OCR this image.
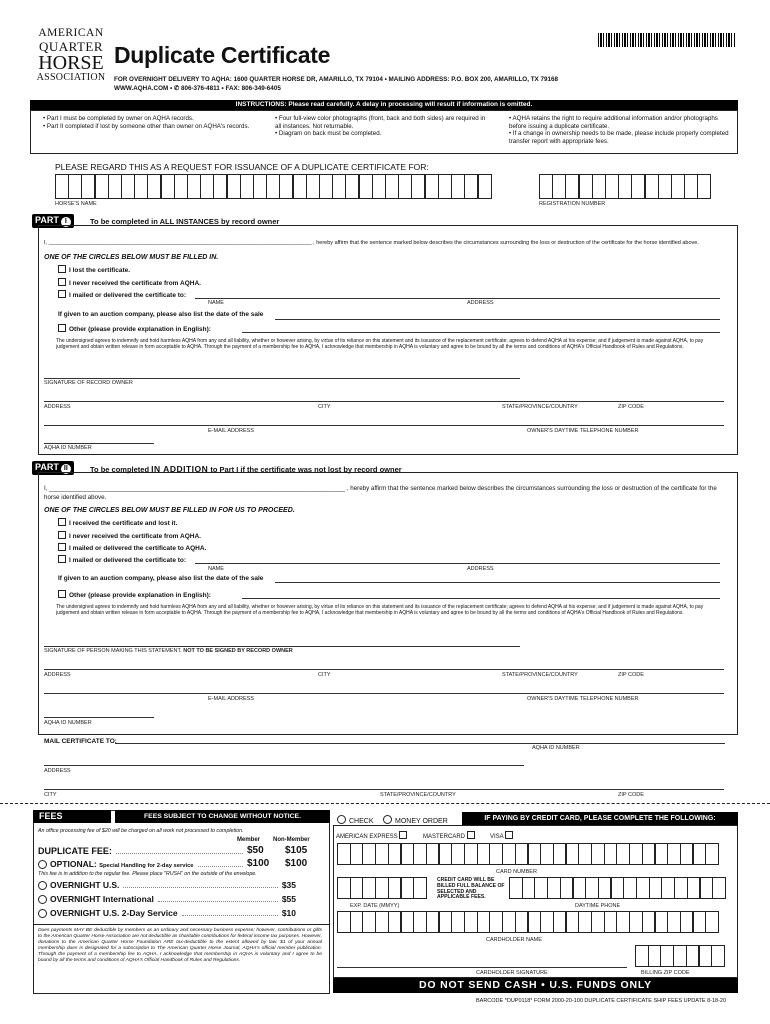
AMERICAN
QUARTER
HORSE
ASSOCIATION
Duplicate Certificate
FOR OVERNIGHT DELIVERY TO AQHA: 1600 QUARTER HORSE DR, AMARILLO, TX 79104 • MAILING ADDRESS: P.O. BOX 200, AMARILLO, TX 79168
WWW.AQHA.COM • ✆ 806-376-4811 • FAX: 806-349-6405
INSTRUCTIONS: Please read carefully. A delay in processing will result if information is omitted.
• Part I must be completed by owner on AQHA records.
• Part II completed if lost by someone other than owner on AQHA's records.
• Four full-view color photographs (front, back and both sides) are required in all instances. Not returnable.
• Diagram on back must be completed.
• AQHA retains the right to require additional information and/or photographs before issuing a duplicate certificate.
• If a change in ownership needs to be made, please include properly completed transfer report with appropriate fees.
PLEASE REGARD THIS AS A REQUEST FOR ISSUANCE OF A DUPLICATE CERTIFICATE FOR:
HORSE'S NAME	REGISTRATION NUMBER
PART I	To be completed in ALL INSTANCES by record owner
I, ______________________________________________________________________________________ , hereby affirm that the sentence marked below describes the circumstances surrounding the loss or destruction of the certificate for the horse identified above.
ONE OF THE CIRCLES BELOW MUST BE FILLED IN.
I lost the certificate.
I never received the certificate from AQHA.
I mailed or delivered the certificate to:
NAME	ADDRESS
If given to an auction company, please also list the date of the sale
Other (please provide explanation in English):
The undersigned agrees to indemnify and hold harmless AQHA from any and all liability, whether or however arising, by virtue of its reliance on this statement and its issuance of the replacement certificate; agrees to defend AQHA at his expense; and if judgement is made against AQHA, to pay judgement and obtain written release in form acceptable to AQHA. Through the payment of a membership fee to AQHA, I acknowledge that membership in AQHA is voluntary and agree to be bound by all the terms and conditions of AQHA's Official Handbook of Rules and Regulations.
SIGNATURE OF RECORD OWNER
ADDRESS	CITY	STATE/PROVINCE/COUNTRY	ZIP CODE
E-MAIL ADDRESS	OWNER'S DAYTIME TELEPHONE NUMBER
AQHA ID NUMBER
PART II	To be completed IN ADDITION to Part I if the certificate was not lost by record owner
I, ______________________________________________________________________________________ , hereby affirm that the sentence marked below describes the circumstances surrounding the loss or destruction of the certificate for the horse identified above.
ONE OF THE CIRCLES BELOW MUST BE FILLED IN FOR US TO PROCEED.
I received the certificate and lost it.
I never received the certificate from AQHA.
I mailed or delivered the certificate to AQHA.
I mailed or delivered the certificate to:
NAME	ADDRESS
If given to an auction company, please also list the date of the sale
Other (please provide explanation in English):
The undersigned agrees to indemnify and hold harmless AQHA from any and all liability, whether or however arising, by virtue of its reliance on this statement and its issuance of the replacement certificate; agrees to defend AQHA at his expense; and if judgement is made against AQHA, to pay judgement and obtain written release in form acceptable to AQHA. Through the payment of a membership fee to AQHA, I acknowledge that membership in AQHA is voluntary and agree to be bound by all the terms and conditions of AQHA's Official Handbook of Rules and Regulations.
SIGNATURE OF PERSON MAKING THIS STATEMENT. NOT TO BE SIGNED BY RECORD OWNER
ADDRESS	CITY	STATE/PROVINCE/COUNTRY	ZIP CODE
E-MAIL ADDRESS	OWNER'S DAYTIME TELEPHONE NUMBER
AQHA ID NUMBER
MAIL CERTIFICATE TO:
AQHA ID NUMBER
ADDRESS
CITY	STATE/PROVINCE/COUNTRY	ZIP CODE
FEES	FEES SUBJECT TO CHANGE WITHOUT NOTICE.
An office processing fee of $20 will be charged on all work not processed to completion.
Member Non-Member
DUPLICATE FEE:	$50	$105
OPTIONAL:
Special Handling for 2-day service	$100	$100
This fee is in addition to the regular fee. Please place "RUSH" on the outside of the envelope.
OVERNIGHT U.S.	$35
OVERNIGHT International	$55
OVERNIGHT U.S. 2-Day Service	$10
Dues payments MAY BE deductible by members as an ordinary and necessary business expense; however, contributions or gifts to the American Quarter Horse Association are not deductible as charitable contributions for federal income tax purposes. However, donations to the American Quarter Horse Foundation ARE tax-deductible to the extent allowed by law. $1 of your annual membership dues is designated for a subscription to The American Quarter Horse Journal, AQHA's official member publication. Through the payment of a membership fee to AQHA, I acknowledge that membership in AQHA is voluntary and I agree to be bound by all the terms and conditions of AQHA's Official Handbook of Rules and Regulations.
CHECK	MONEY ORDER	IF PAYING BY CREDIT CARD, PLEASE COMPLETE THE FOLLOWING:
AMERICAN EXPRESS	MASTERCARD	VISA
CARD NUMBER
CREDIT CARD WILL BE BILLED FULL BALANCE OF SELECTED AND APPLICABLE FEES.
EXP. DATE (MMYY)	DAYTIME PHONE
CARDHOLDER NAME
CARDHOLDER SIGNATURE	BILLING ZIP CODE
DO NOT SEND CASH • U.S. FUNDS ONLY
BARCODE *DUP0118* FORM 2000-20-100 DUPLICATE CERTIFICATE SHIP FEES UPDATE 8-18-20
